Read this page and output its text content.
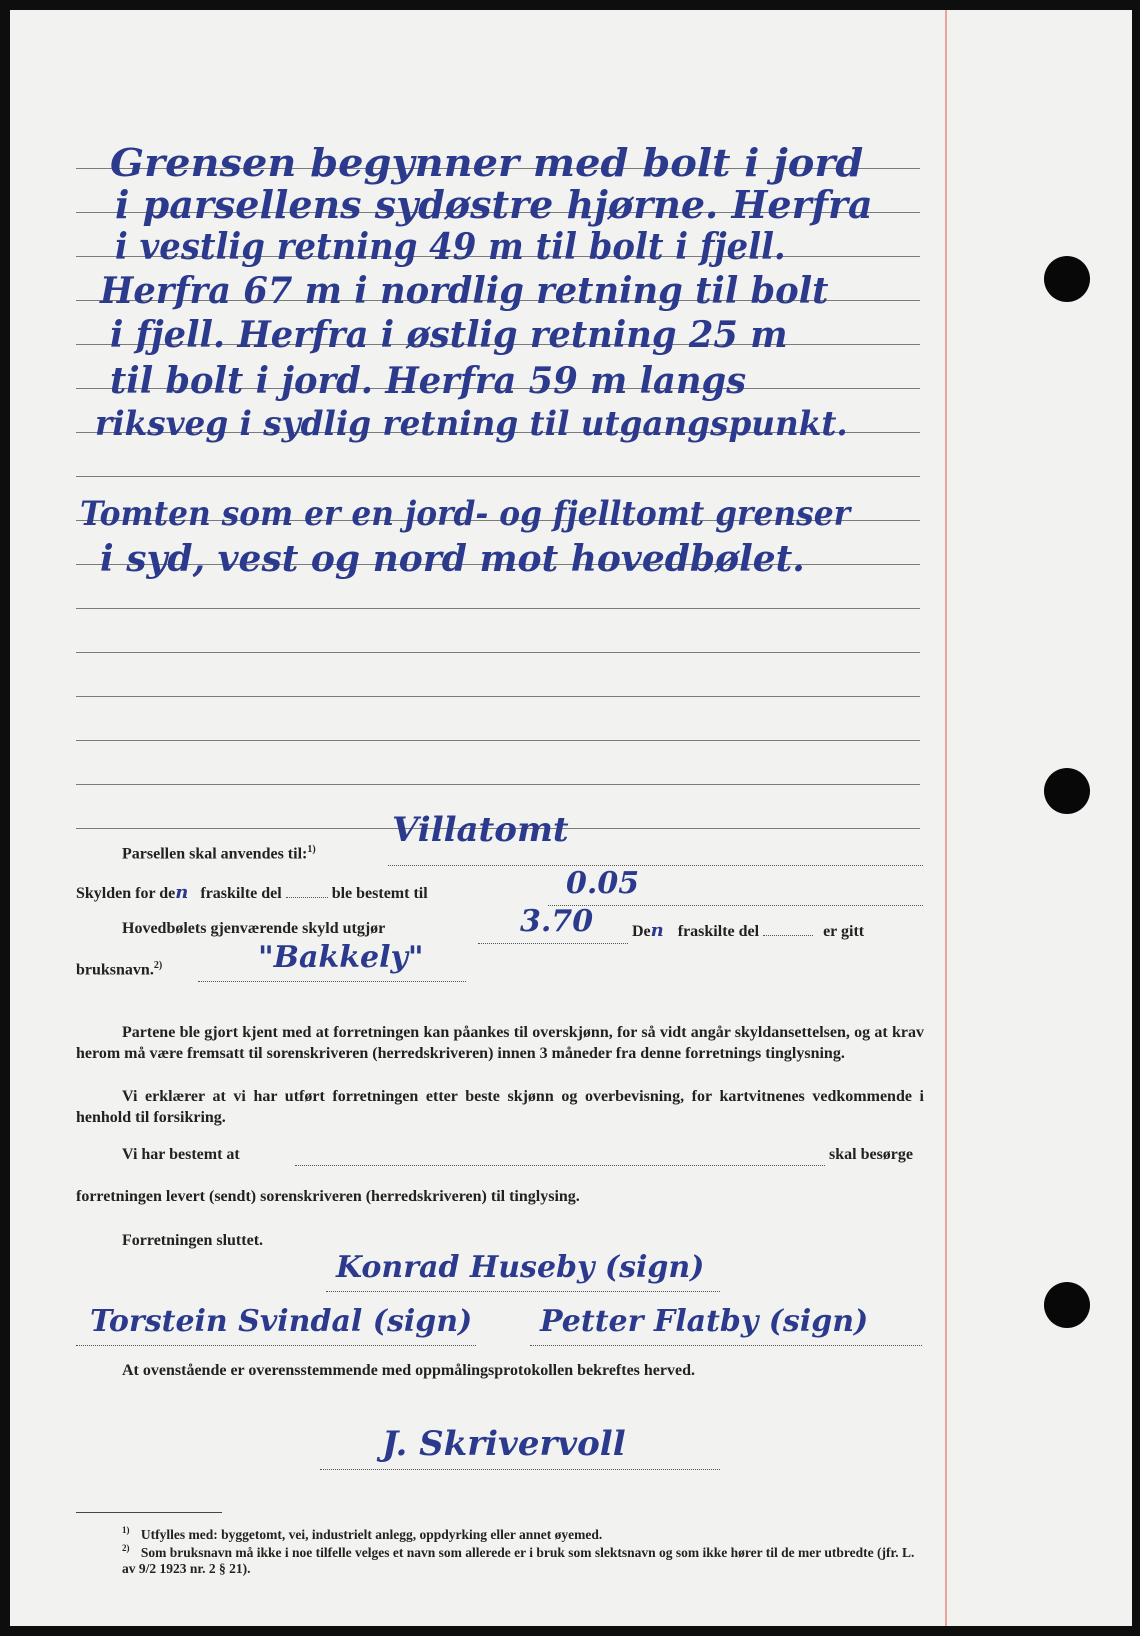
Grensen begynner med bolt i jord
i parsellens sydøstre hjørne. Herfra
i vestlig retning 49 m til bolt i fjell.
Herfra 67 m i nordlig retning til bolt
i fjell. Herfra i østlig retning 25 m
til bolt i jord. Herfra 59 m langs
riksveg i sydlig retning til utgangspunkt.
Tomten som er en jord- og fjelltomt grenser
i syd, vest og nord mot hovedbølet.
Parsellen skal anvendes til:$^{1)}$ Villatomt
Skylden for den fraskilte del	ble bestemt til	0.05
Hovedbølets gjenværende skyld utgjør	3.70 Den fraskilte del	er gitt
bruksnavn.$^{2)}$	"Bakkely"
Partene ble gjort kjent med at forretningen kan påankes til overskjønn, for så vidt angår skyldansettelsen, og at krav herom må være fremsatt til sorenskriveren (herredskriveren) innen 3 måneder fra denne forretnings tinglysning.
Vi erklærer at vi har utført forretningen etter beste skjønn og overbevisning, for kartvitnenes vedkommende i henhold til forsikring.
Vi har bestemt at	skal besørge
forretningen levert (sendt) sorenskriveren (herredskriveren) til tinglysing.
Forretningen sluttet.
Konrad Huseby (sign)
Torstein Svindal (sign) Petter Flatby (sign)
At ovenstående er overensstemmende med oppmålingsprotokollen bekreftes herved.
J. Skrivervoll
$^{1)}$ Utfylles med: byggetomt, vei, industrielt anlegg, oppdyrking eller annet øyemed.
$^{2)}$ Som bruksnavn må ikke i noe tilfelle velges et navn som allerede er i bruk som slektsnavn og som ikke hører til de mer utbredte (jfr. L. av 9/2 1923 nr. 2 § 21).
